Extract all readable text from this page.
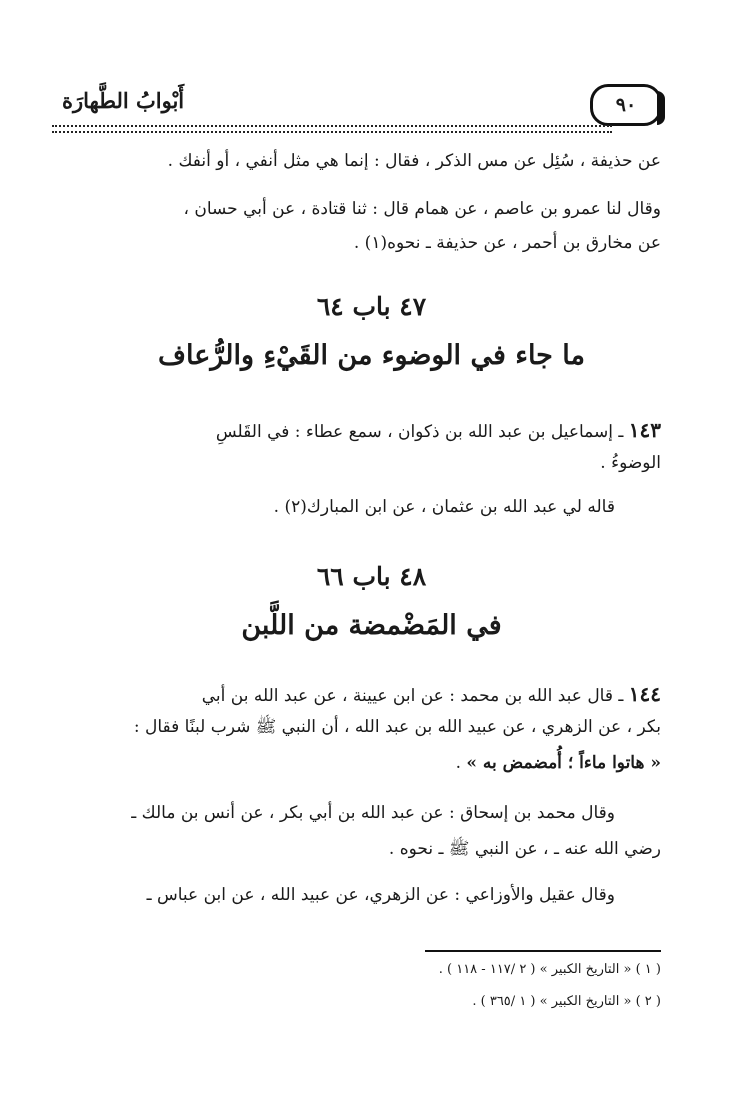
أَبْوابُ الطَّهارَة	٩٠
عن حذيفة ، سُئِل عن مس الذكر ، فقال : إنما هي مثل أنفي ، أو أنفك .
وقال لنا عمرو بن عاصم ، عن همام قال : ثنا قتادة ، عن أبي حسان ،
عن مخارق بن أحمر ، عن حذيفة ـ نحوه(١) .
٤٧ باب ٦٤
ما جاء في الوضوء من القَيْءِ والرُّعاف
١٤٣ ـ إسماعيل بن عبد الله بن ذكوان ، سمع عطاء : في القَلسِ
الوضوءُ .
قاله لي عبد الله بن عثمان ، عن ابن المبارك(٢) .
٤٨ باب ٦٦
في المَضْمضة من اللَّبن
١٤٤ ـ قال عبد الله بن محمد : عن ابن عيينة ، عن عبد الله بن أبي
بكر ، عن الزهري ، عن عبيد الله بن عبد الله ، أن النبي ﷺ شرب لبنًا فقال :
« هاتوا ماءاً ؛ أُمضمض به » .
وقال محمد بن إسحاق : عن عبد الله بن أبي بكر ، عن أنس بن مالك ـ
رضي الله عنه ـ ، عن النبي ﷺ ـ نحوه .
وقال عقيل والأوزاعي : عن الزهري، عن عبيد الله ، عن ابن عباس ـ
( ١ ) « التاريخ الكبير » ( ٢ /١١٧ - ١١٨ ) .
( ٢ ) « التاريخ الكبير » ( ١ /٣٦٥ ) .
